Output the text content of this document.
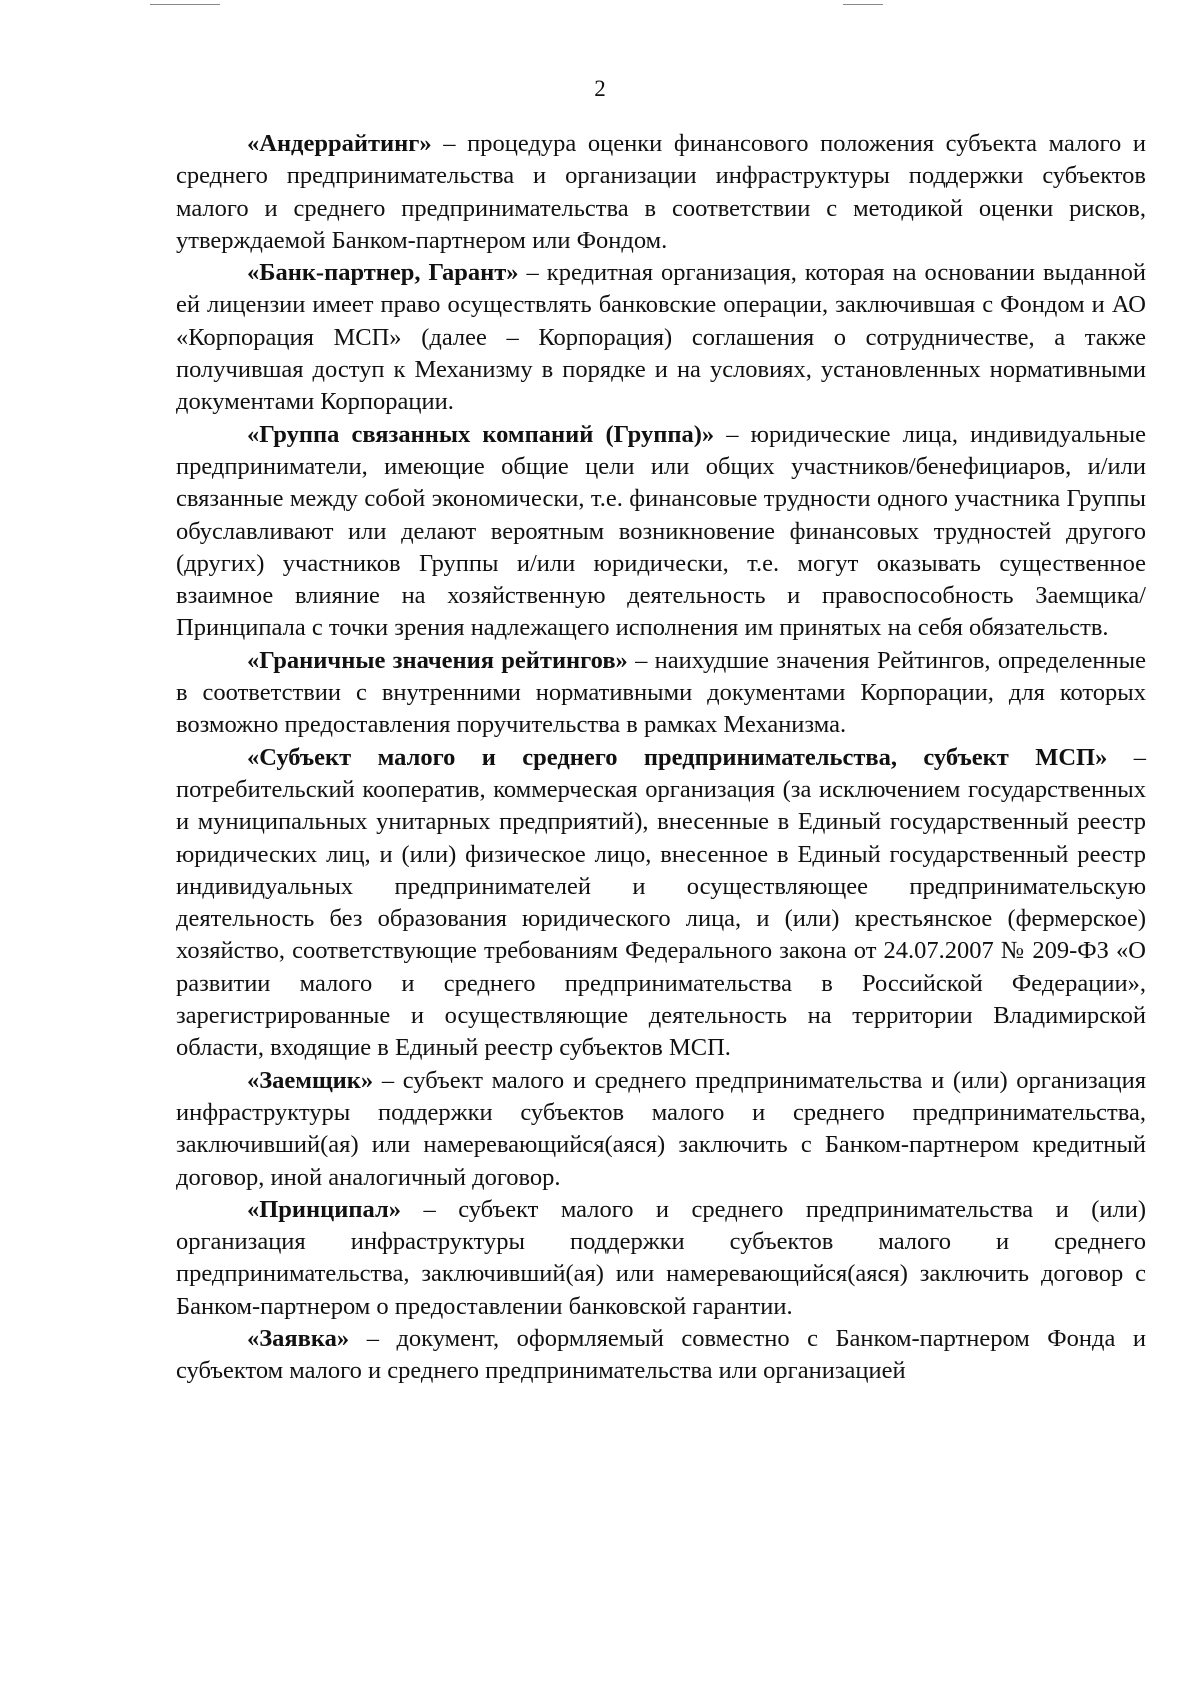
2

«Андеррайтинг» – процедура оценки финансового положения субъекта малого и среднего предпринимательства и организации инфраструктуры поддержки субъектов малого и среднего предпринимательства в соответствии с методикой оценки рисков, утверждаемой Банком-партнером или Фондом.

«Банк-партнер, Гарант» – кредитная организация, которая на основании выданной ей лицензии имеет право осуществлять банковские операции, заключившая с Фондом и АО «Корпорация МСП» (далее – Корпорация) соглашения о сотрудничестве, а также получившая доступ к Механизму в порядке и на условиях, установленных нормативными документами Корпорации.

«Группа связанных компаний (Группа)» – юридические лица, индивидуальные предприниматели, имеющие общие цели или общих участников/бенефициаров, и/или связанные между собой экономически, т.е. финансовые трудности одного участника Группы обуславливают или делают вероятным возникновение финансовых трудностей другого (других) участников Группы и/или юридически, т.е. могут оказывать существенное взаимное влияние на хозяйственную деятельность и правоспособность Заемщика/Принципала с точки зрения надлежащего исполнения им принятых на себя обязательств.

«Граничные значения рейтингов» – наихудшие значения Рейтингов, определенные в соответствии с внутренними нормативными документами Корпорации, для которых возможно предоставления поручительства в рамках Механизма.

«Субъект малого и среднего предпринимательства, субъект МСП» – потребительский кооператив, коммерческая организация (за исключением государственных и муниципальных унитарных предприятий), внесенные в Единый государственный реестр юридических лиц, и (или) физическое лицо, внесенное в Единый государственный реестр индивидуальных предпринимателей и осуществляющее предпринимательскую деятельность без образования юридического лица, и (или) крестьянское (фермерское) хозяйство, соответствующие требованиям Федерального закона от 24.07.2007 № 209-ФЗ «О развитии малого и среднего предпринимательства в Российской Федерации», зарегистрированные и осуществляющие деятельность на территории Владимирской области, входящие в Единый реестр субъектов МСП.

«Заемщик» – субъект малого и среднего предпринимательства и (или) организация инфраструктуры поддержки субъектов малого и среднего предпринимательства, заключивший(ая) или намеревающийся(аяся) заключить с Банком-партнером кредитный договор, иной аналогичный договор.

«Принципал» – субъект малого и среднего предпринимательства и (или) организация инфраструктуры поддержки субъектов малого и среднего предпринимательства, заключивший(ая) или намеревающийся(аяся) заключить договор с Банком-партнером о предоставлении банковской гарантии.

«Заявка» – документ, оформляемый совместно с Банком-партнером Фонда и субъектом малого и среднего предпринимательства или организацией
